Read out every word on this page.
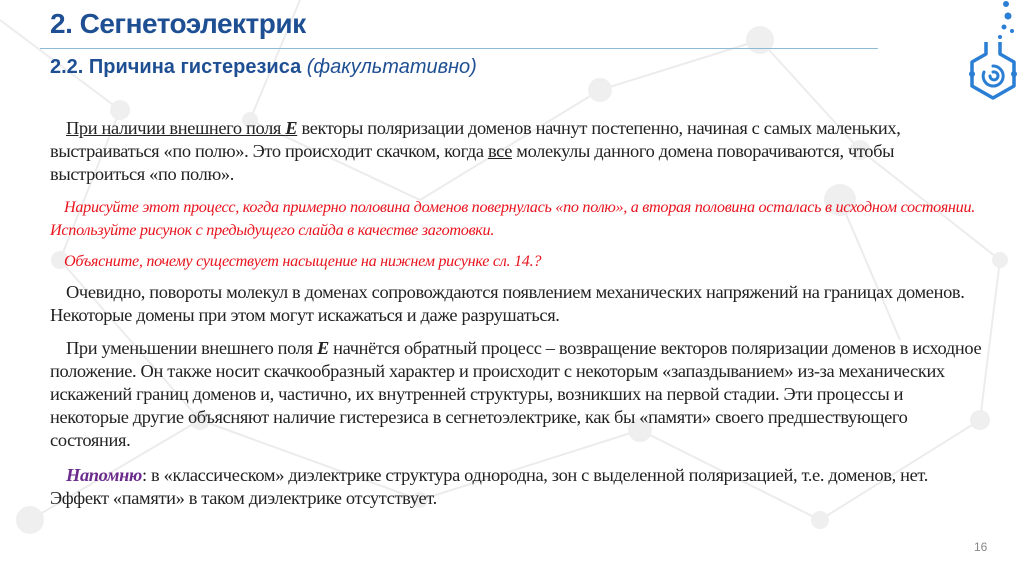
2. Сегнетоэлектрик
2.2. Причина гистерезиса (факультативно)

При наличии внешнего поля E векторы поляризации доменов начнут постепенно, начиная с самых маленьких, выстраиваться «по полю». Это происходит скачком, когда все молекулы данного домена поворачиваются, чтобы выстроиться «по полю».

Нарисуйте этот процесс, когда примерно половина доменов повернулась «по полю», а вторая половина осталась в исходном состоянии. Используйте рисунок с предыдущего слайда в качестве заготовки.

Объясните, почему существует насыщение на нижнем рисунке сл. 14.?

Очевидно, повороты молекул в доменах сопровождаются появлением механических напряжений на границах доменов. Некоторые домены при этом могут искажаться и даже разрушаться.

При уменьшении внешнего поля E начнётся обратный процесс – возвращение векторов поляризации доменов в исходное положение. Он также носит скачкообразный характер и происходит с некоторым «запаздыванием» из-за механических искажений границ доменов и, частично, их внутренней структуры, возникших на первой стадии. Эти процессы и некоторые другие объясняют наличие гистерезиса в сегнетоэлектрике, как бы «памяти» своего предшествующего состояния.

Напомню: в «классическом» диэлектрике структура однородна, зон с выделенной поляризацией, т.е. доменов, нет. Эффект «памяти» в таком диэлектрике отсутствует.

16
